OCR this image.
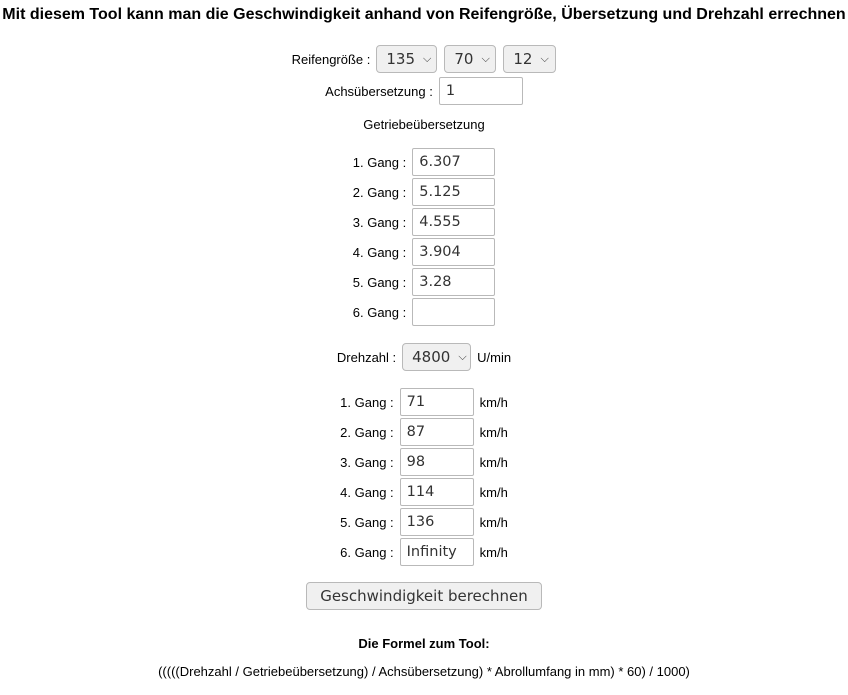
Mit diesem Tool kann man die Geschwindigkeit anhand von Reifengröße, Übersetzung und Drehzahl errechnen
Reifengröße : 135 ⌵ 70 ⌵ 12 ⌵
Achsübersetzung : 1
Getriebeübersetzung
1. Gang : 6.307
2. Gang : 5.125
3. Gang : 4.555
4. Gang : 3.904
5. Gang : 3.28
6. Gang :
Drehzahl : 4800 ⌵ U/min
1. Gang : 71	km/h
2. Gang : 87	km/h
3. Gang : 98	km/h
4. Gang : 114	km/h
5. Gang : 136	km/h
6. Gang : Infinity	km/h
Geschwindigkeit berechnen
Die Formel zum Tool:
(((((Drehzahl / Getriebeübersetzung) / Achsübersetzung) * Abrollumfang in mm) * 60) / 1000)
